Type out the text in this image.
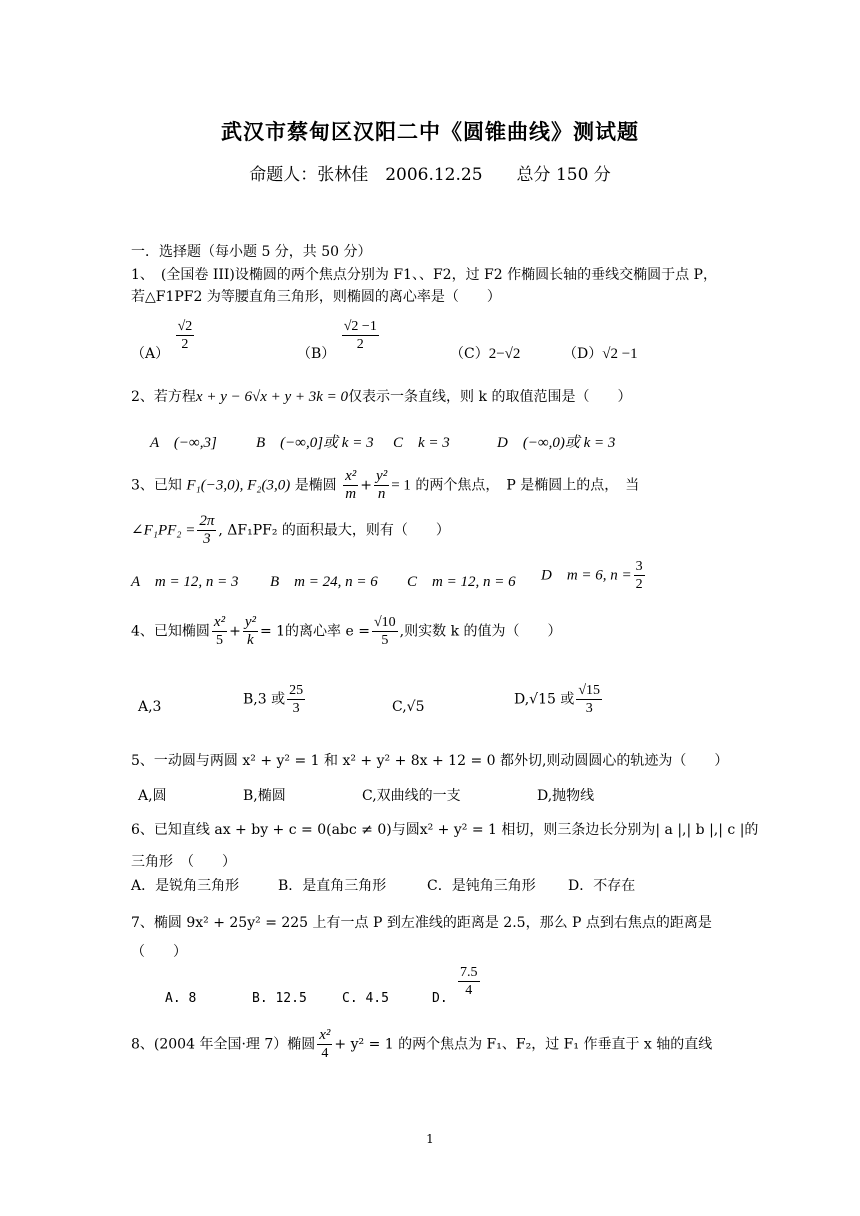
武汉市蔡甸区汉阳二中《圆锥曲线》测试题
命题人：张林佳　2006.12.25　　总分 150 分
一．选择题（每小题 5 分，共 50 分）
1、　(全国卷 III)设椭圆的两个焦点分别为 F1、、F2，过 F2 作椭圆长轴的垂线交椭圆于点 P，
若△F1PF2 为等腰直角三角形，则椭圆的离心率是（　　）
（A）
$\frac{√2}{2}$
（B）
$\frac{√2 -1}{2}$
（C）2−√2	（D）√2 −1
2、若方程x + y − 6√x + y + 3k = 0仅表示一条直线，则 k 的取值范围是（　　）
A　(−∞,3]	B　(−∞,0]或 k = 3 C　k = 3	D　(−∞,0)或 k = 3
3、已知 F₁(−3,0), F₂(3,0) 是椭圆 $\frac{\text{x²}}{m} + \frac{\text{y²}}{n} = 1$ 的两个焦点，　P 是椭圆上的点，　当
∠F₁PF₂ = $\frac{2\pi}{3}$ , ΔF₁PF₂ 的面积最大，则有（　　）
A　m = 12, n = 3 B　m = 24, n = 6 C　m = 12, n = 6 D　m = 6, $n = \frac{3}{2}$
4、已知椭圆 $\frac{\text{x²}}{5} + \frac{\text{y²}}{k} = 1$的离心率 $e = \frac{√10}{5}$ ,则实数 k 的值为（　　）
A,3	B,3 或 $\frac{25}{3}$	C,√5	D,√15 或 $\frac{√15}{3}$
5、一动圆与两圆 x² + y² = 1 和 x² + y² + 8x + 12 = 0 都外切,则动圆圆心的轨迹为（　　）
A,圆	B,椭圆	C,双曲线的一支	D,抛物线
6、已知直线 ax + by + c = 0(abc ≠ 0)与圆x² + y² = 1 相切，则三条边长分别为| a |,| b |,| c |的
三角形　（　　）
A．是锐角三角形	B．是直角三角形	C．是钝角三角形 D．不存在
7、椭圆 9x² + 25y² = 225 上有一点 P 到左准线的距离是 2.5，那么 P 点到右焦点的距离是
（　　）
A. 8	B. 12.5	C. 4.5	D. $\frac{7.5}{4}$
8、(2004 年全国·理 7）椭圆 $\frac{\text{x²}}{4} + y^2 = 1$ 的两个焦点为 F₁、F₂，过 F₁ 作垂直于 x 轴的直线
1
